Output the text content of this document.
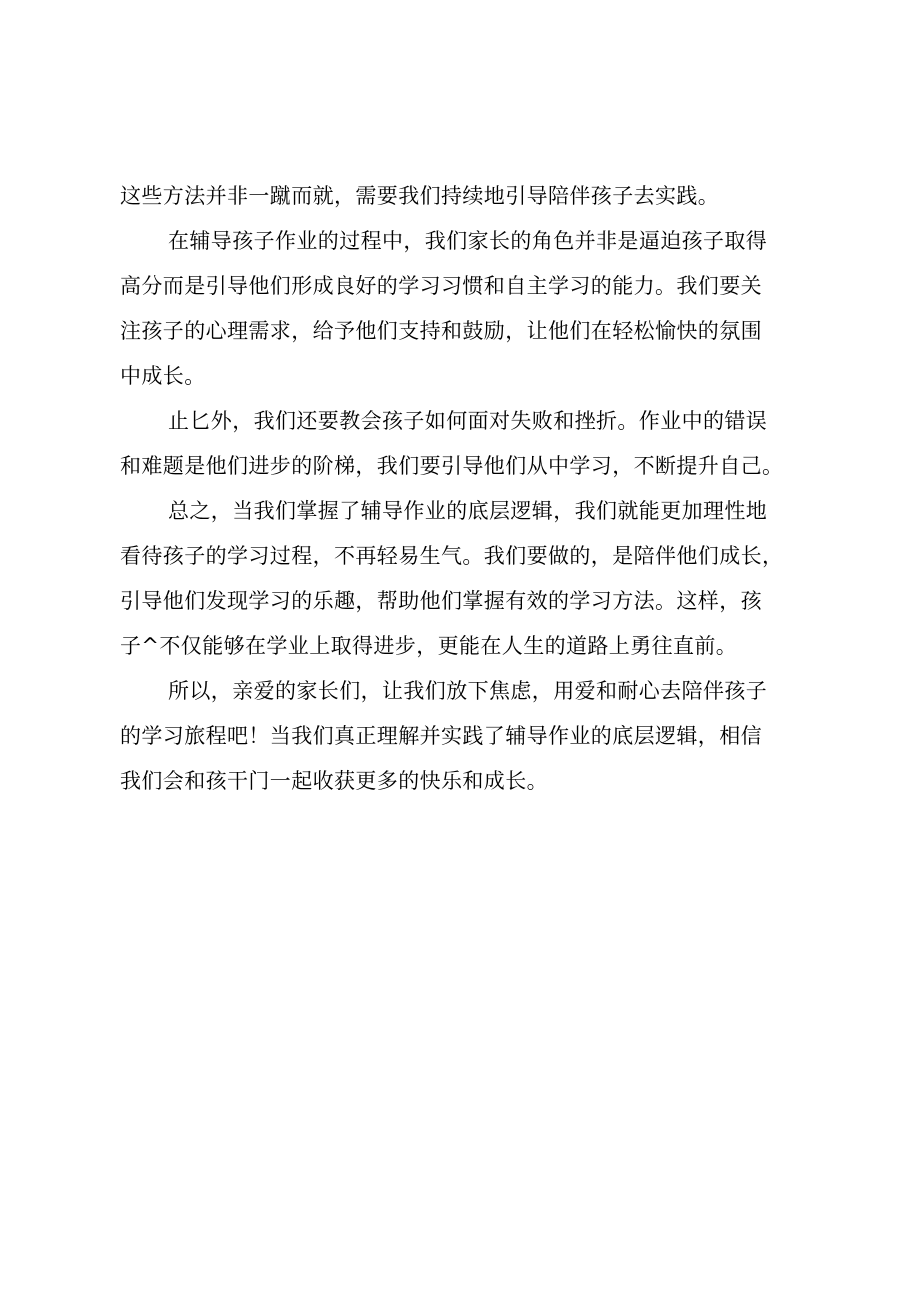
这些方法并非一蹴而就，需要我们持续地引导陪伴孩子去实践。
在辅导孩子作业的过程中，我们家长的角色并非是逼迫孩子取得
高分而是引导他们形成良好的学习习惯和自主学习的能力。我们要关
注孩子的心理需求，给予他们支持和鼓励，让他们在轻松愉快的氛围
中成长。
止匕外，我们还要教会孩子如何面对失败和挫折。作业中的错误
和难题是他们进步的阶梯，我们要引导他们从中学习，不断提升自己。
总之，当我们掌握了辅导作业的底层逻辑，我们就能更加理性地
看待孩子的学习过程，不再轻易生气。我们要做的，是陪伴他们成长，
引导他们发现学习的乐趣，帮助他们掌握有效的学习方法。这样，孩
子^不仅能够在学业上取得进步，更能在人生的道路上勇往直前。
所以，亲爱的家长们，让我们放下焦虑，用爱和耐心去陪伴孩子
的学习旅程吧！当我们真正理解并实践了辅导作业的底层逻辑，相信
我们会和孩干门一起收获更多的快乐和成长。
